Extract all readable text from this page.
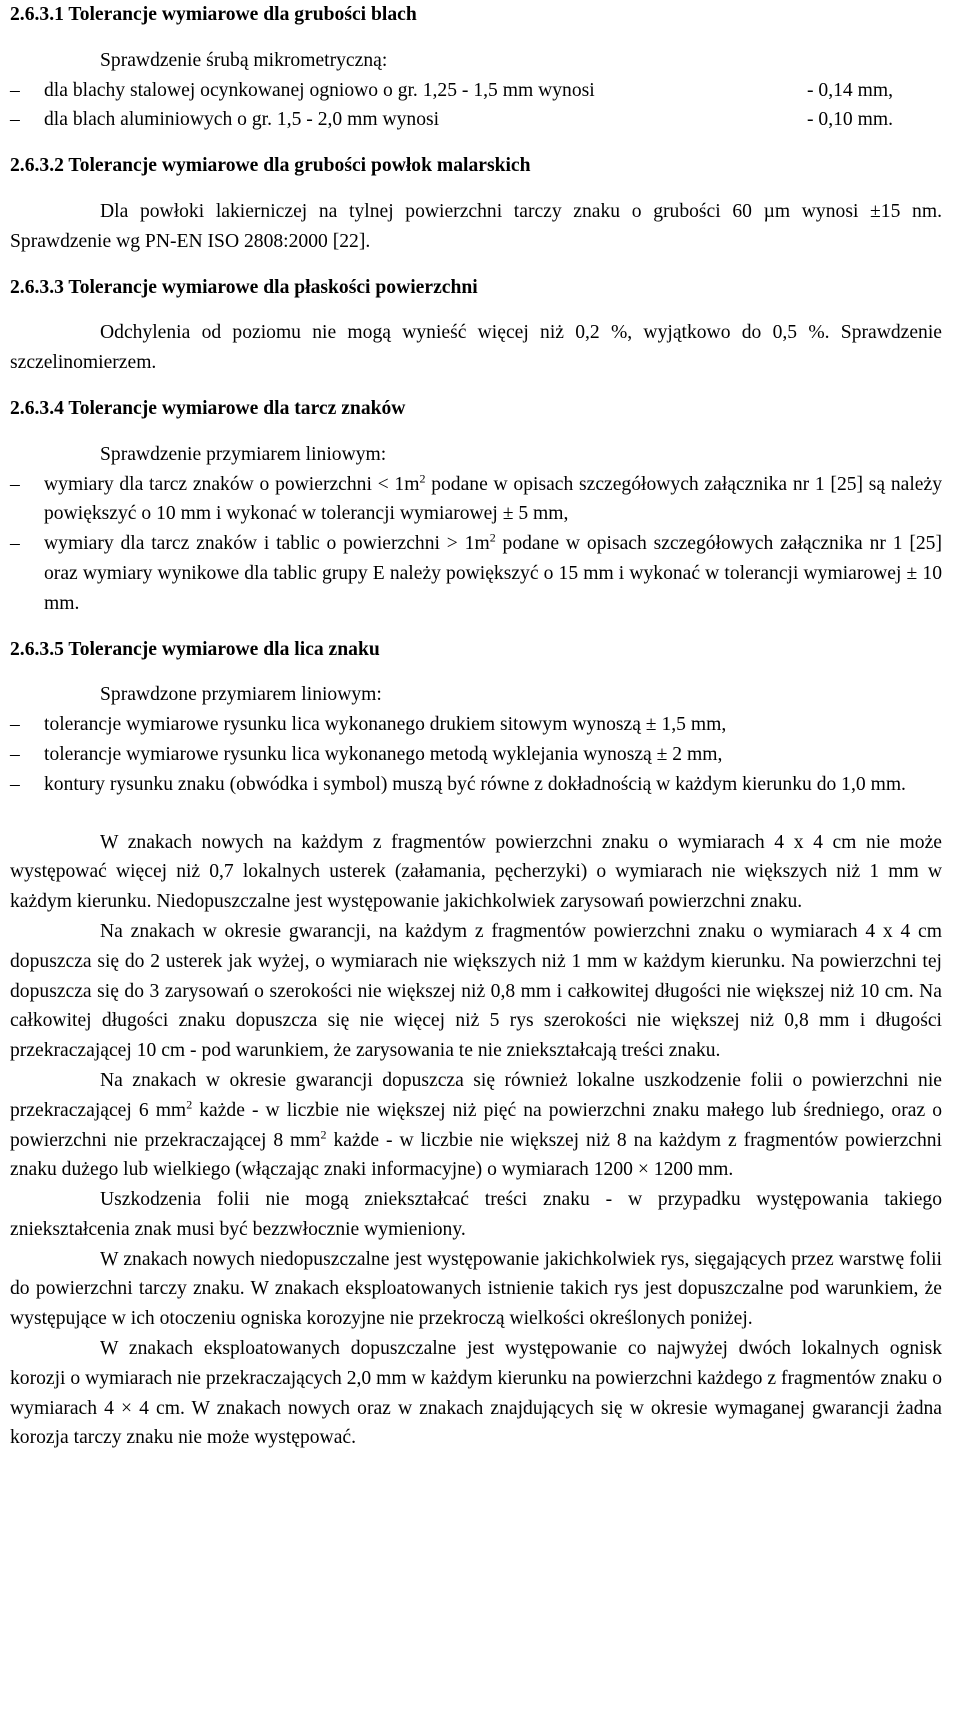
2.6.3.1 Tolerancje wymiarowe dla grubości blach

Sprawdzenie śrubą mikrometryczną:

–	dla blachy stalowej ocynkowanej ogniowo o gr. 1,25 - 1,5 mm wynosi	- 0,14 mm,
–	dla blach aluminiowych o gr. 1,5 - 2,0 mm wynosi	- 0,10 mm.

2.6.3.2 Tolerancje wymiarowe dla grubości powłok malarskich

Dla powłoki lakierniczej na tylnej powierzchni tarczy znaku o grubości 60 µm wynosi ±15 nm. Sprawdzenie wg PN-EN ISO 2808:2000 [22].

2.6.3.3 Tolerancje wymiarowe dla płaskości powierzchni

Odchylenia od poziomu nie mogą wynieść więcej niż 0,2 %, wyjątkowo do 0,5 %. Sprawdzenie szczelinomierzem.

2.6.3.4 Tolerancje wymiarowe dla tarcz znaków

Sprawdzenie przymiarem liniowym:

–	wymiary dla tarcz znaków o powierzchni < $1m^2$ podane w opisach szczegółowych załącznika nr 1 [25] są należy powiększyć o 10 mm i wykonać w tolerancji wymiarowej ± 5 mm,
–	wymiary dla tarcz znaków i tablic o powierzchni > $1m^2$ podane w opisach szczegółowych załącznika nr 1 [25] oraz wymiary wynikowe dla tablic grupy E należy powiększyć o 15 mm i wykonać w tolerancji wymiarowej ± 10 mm.

2.6.3.5 Tolerancje wymiarowe dla lica znaku

Sprawdzone przymiarem liniowym:

–	tolerancje wymiarowe rysunku lica wykonanego drukiem sitowym wynoszą ± 1,5 mm,
–	tolerancje wymiarowe rysunku lica wykonanego metodą wyklejania wynoszą ± 2 mm,
–	kontury rysunku znaku (obwódka i symbol) muszą być równe z dokładnością w każdym kierunku do 1,0 mm.

W znakach nowych na każdym z fragmentów powierzchni znaku o wymiarach 4 x 4 cm nie może występować więcej niż 0,7 lokalnych usterek (załamania, pęcherzyki) o wymiarach nie większych niż 1 mm w każdym kierunku. Niedopuszczalne jest występowanie jakichkolwiek zarysowań powierzchni znaku.

Na znakach w okresie gwarancji, na każdym z fragmentów powierzchni znaku o wymiarach 4 x 4 cm dopuszcza się do 2 usterek jak wyżej, o wymiarach nie większych niż 1 mm w każdym kierunku. Na powierzchni tej dopuszcza się do 3 zarysowań o szerokości nie większej niż 0,8 mm i całkowitej długości nie większej niż 10 cm. Na całkowitej długości znaku dopuszcza się nie więcej niż 5 rys szerokości nie większej niż 0,8 mm i długości przekraczającej 10 cm - pod warunkiem, że zarysowania te nie zniekształcają treści znaku.

Na znakach w okresie gwarancji dopuszcza się również lokalne uszkodzenie folii o powierzchni nie przekraczającej 6 $mm^2$ każde - w liczbie nie większej niż pięć na powierzchni znaku małego lub średniego, oraz o powierzchni nie przekraczającej 8 $mm^2$ każde - w liczbie nie większej niż 8 na każdym z fragmentów powierzchni znaku dużego lub wielkiego (włączając znaki informacyjne) o wymiarach 1200 × 1200 mm.

Uszkodzenia folii nie mogą zniekształcać treści znaku - w przypadku występowania takiego zniekształcenia znak musi być bezzwłocznie wymieniony.

W znakach nowych niedopuszczalne jest występowanie jakichkolwiek rys, sięgających przez warstwę folii do powierzchni tarczy znaku. W znakach eksploatowanych istnienie takich rys jest dopuszczalne pod warunkiem, że występujące w ich otoczeniu ogniska korozyjne nie przekroczą wielkości określonych poniżej.

W znakach eksploatowanych dopuszczalne jest występowanie co najwyżej dwóch lokalnych ognisk korozji o wymiarach nie przekraczających 2,0 mm w każdym kierunku na powierzchni każdego z fragmentów znaku o wymiarach 4 × 4 cm. W znakach nowych oraz w znakach znajdujących się w okresie wymaganej gwarancji żadna korozja tarczy znaku nie może występować.
